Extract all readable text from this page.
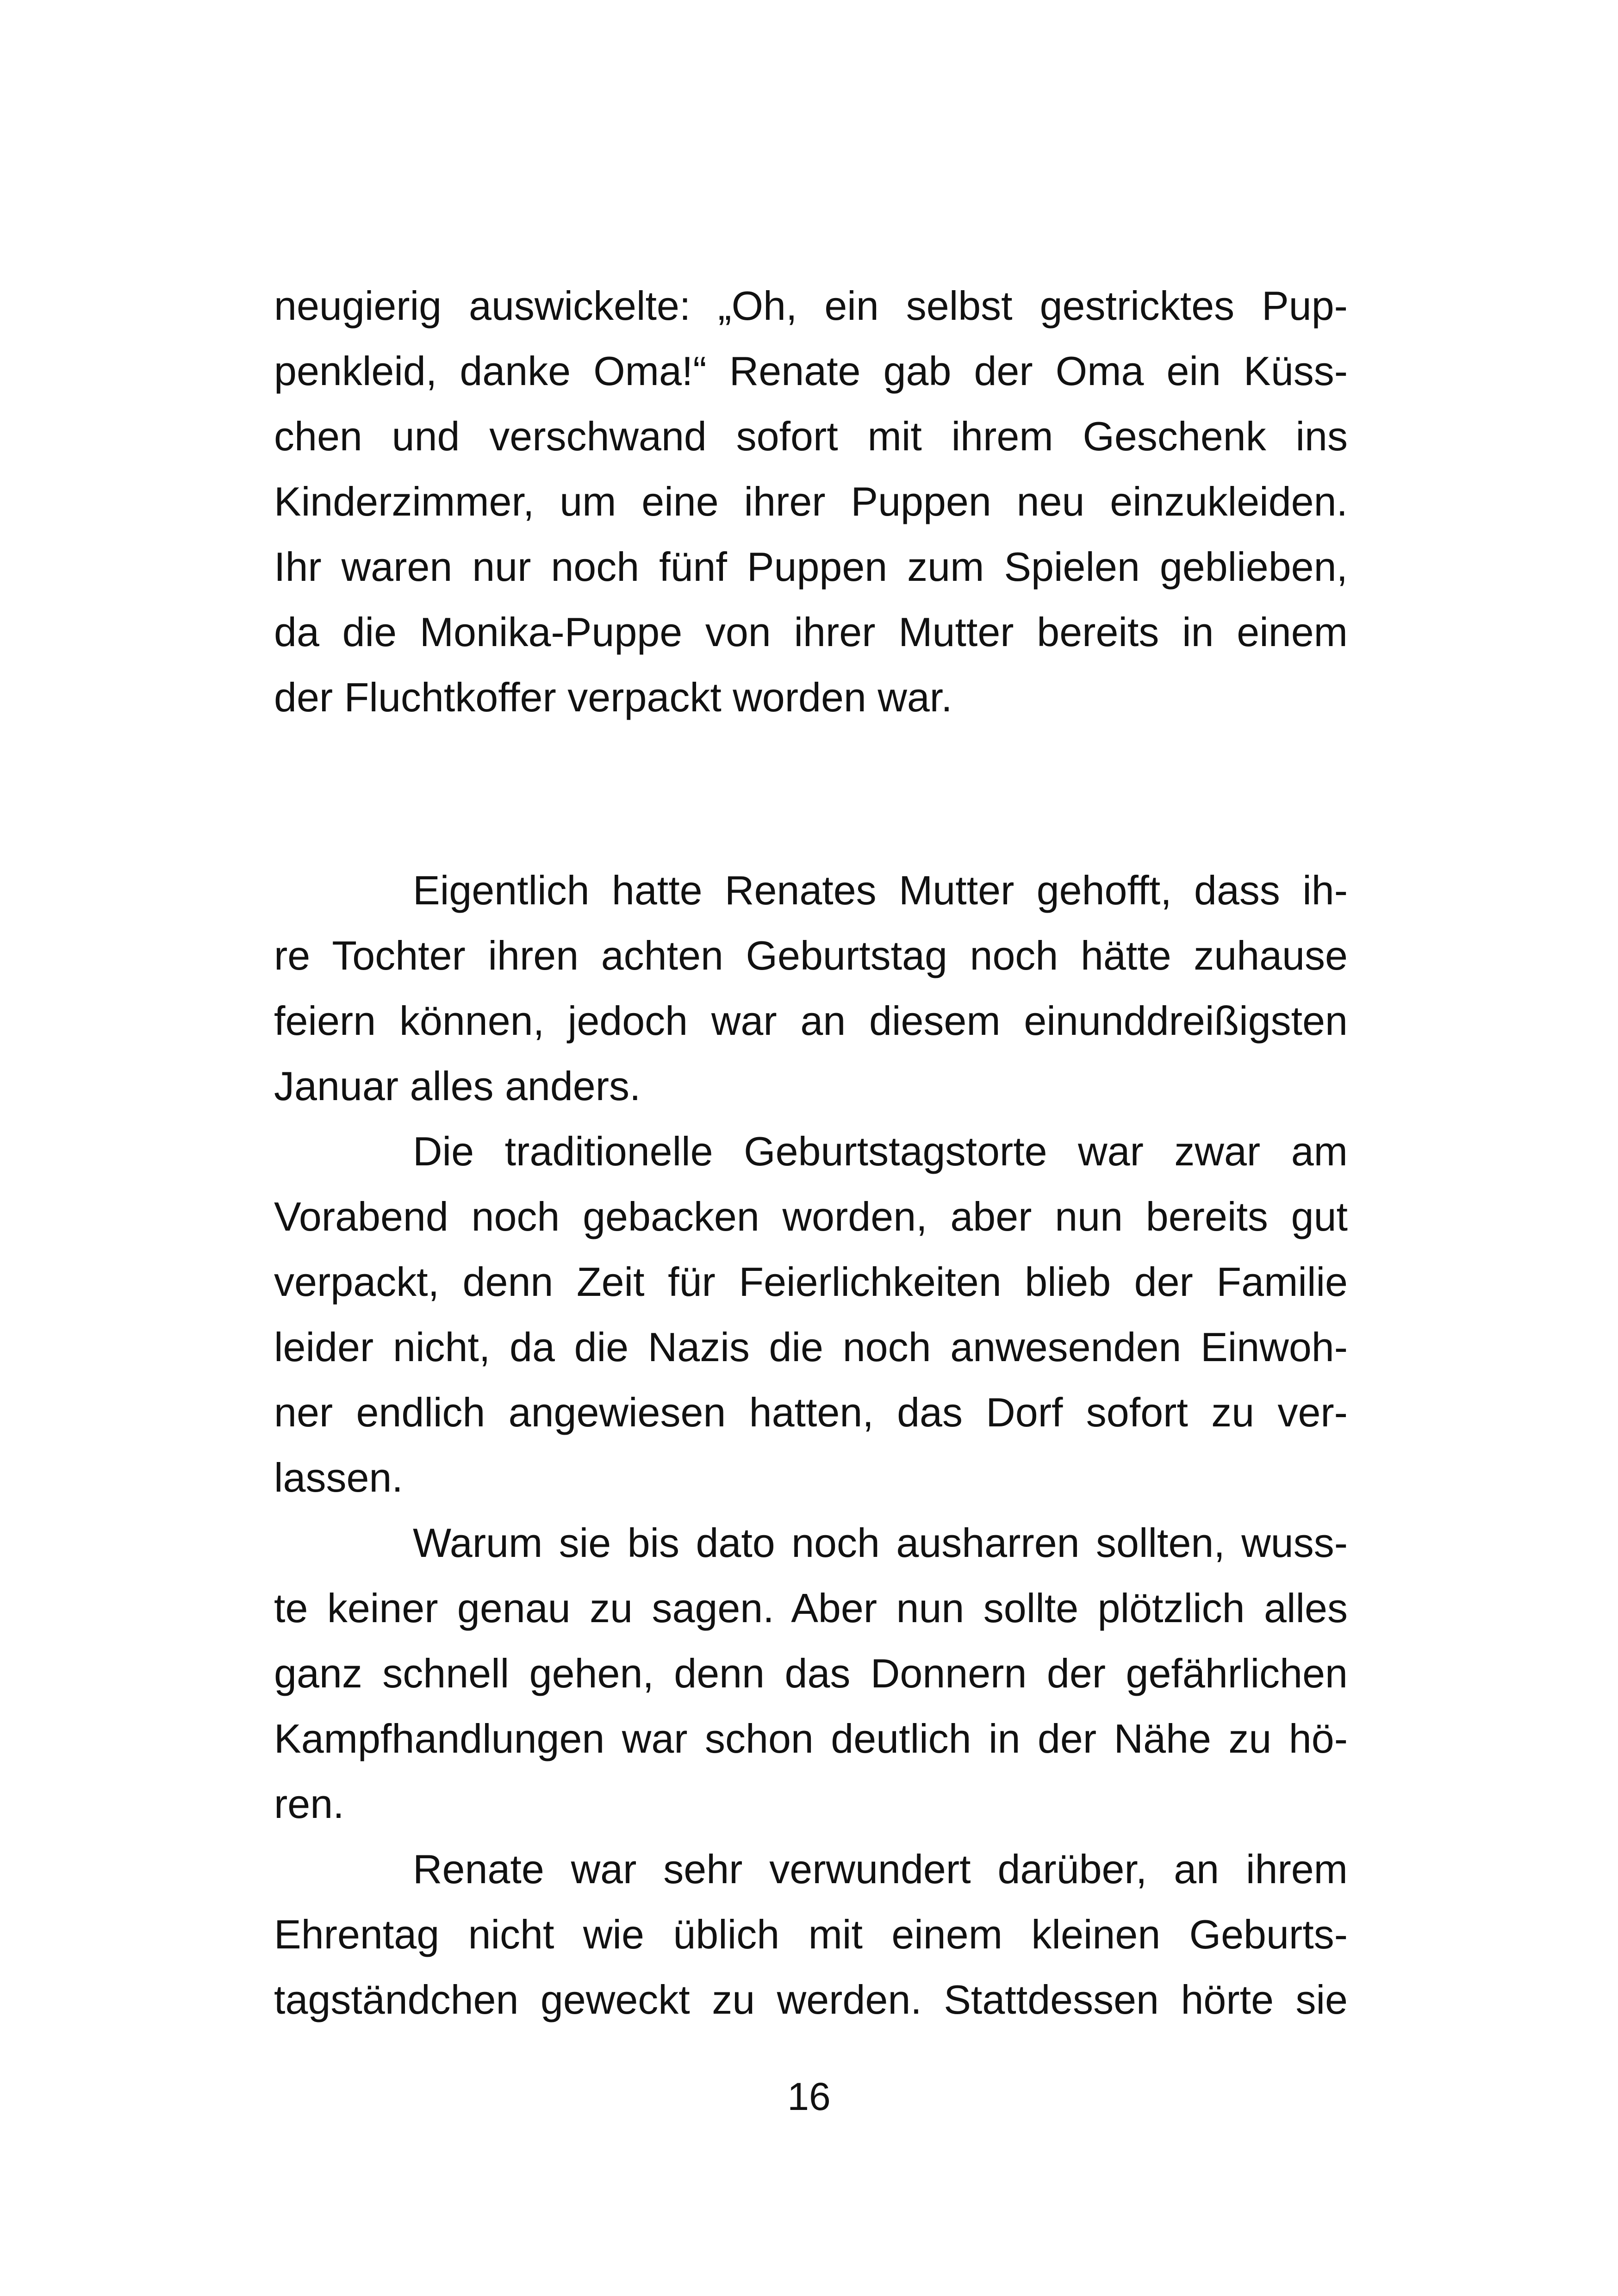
neugierig auswickelte: „Oh, ein selbst gestricktes Pup-
penkleid, danke Oma!“ Renate gab der Oma ein Küss-
chen und verschwand sofort mit ihrem Geschenk ins
Kinderzimmer, um eine ihrer Puppen neu einzukleiden.
Ihr waren nur noch fünf Puppen zum Spielen geblieben,
da die Monika-Puppe von ihrer Mutter bereits in einem
der Fluchtkoffer verpackt worden war.
Eigentlich hatte Renates Mutter gehofft, dass ih-
re Tochter ihren achten Geburtstag noch hätte zuhause
feiern können, jedoch war an diesem einunddreißigsten
Januar alles anders.
Die traditionelle Geburtstagstorte war zwar am
Vorabend noch gebacken worden, aber nun bereits gut
verpackt, denn Zeit für Feierlichkeiten blieb der Familie
leider nicht, da die Nazis die noch anwesenden Einwoh-
ner endlich angewiesen hatten, das Dorf sofort zu ver-
lassen.
Warum sie bis dato noch ausharren sollten, wuss-
te keiner genau zu sagen. Aber nun sollte plötzlich alles
ganz schnell gehen, denn das Donnern der gefährlichen
Kampfhandlungen war schon deutlich in der Nähe zu hö-
ren.
Renate war sehr verwundert darüber, an ihrem
Ehrentag nicht wie üblich mit einem kleinen Geburts-
tagständchen geweckt zu werden. Stattdessen hörte sie
16
